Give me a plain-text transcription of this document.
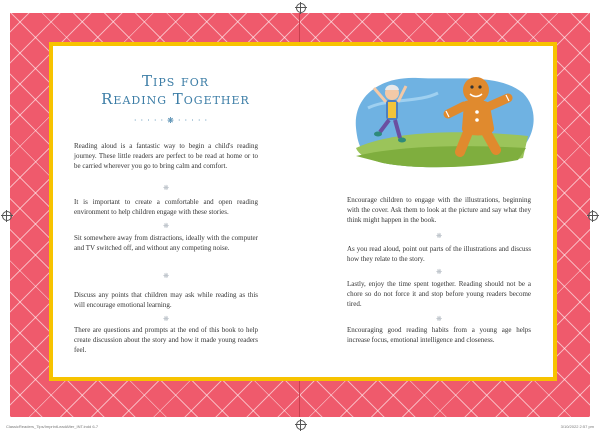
Tips for
Reading Together
· · · · · ❋ · · · · ·

Reading aloud is a fantastic way to begin a child's reading journey. These little readers are perfect to be read at home or to be carried wherever you go to bring calm and comfort.

❋

It is important to create a comfortable and open reading environment to help children engage with these stories.

❋

Sit somewhere away from distractions, ideally with the computer and TV switched off, and without any competing noise.

❋

Discuss any points that children may ask while reading as this will encourage emotional learning.

❋

There are questions and prompts at the end of this book to help create discussion about the story and how it made young readers feel.

Encourage children to engage with the illustrations, beginning with the cover. Ask them to look at the picture and say what they think might happen in the book.

❋

As you read aloud, point out parts of the illustrations and discuss how they relate to the story.

❋

Lastly, enjoy the time spent together. Reading should not be a chore so do not force it and stop before young readers become tired.

❋

Encouraging good reading habits from a young age helps increase focus, emotional intelligence and closeness.

ClassicReaders_Tips/ImprintLeadAfter_INT.indd 6-7	3/10/2022 2:57 pm
